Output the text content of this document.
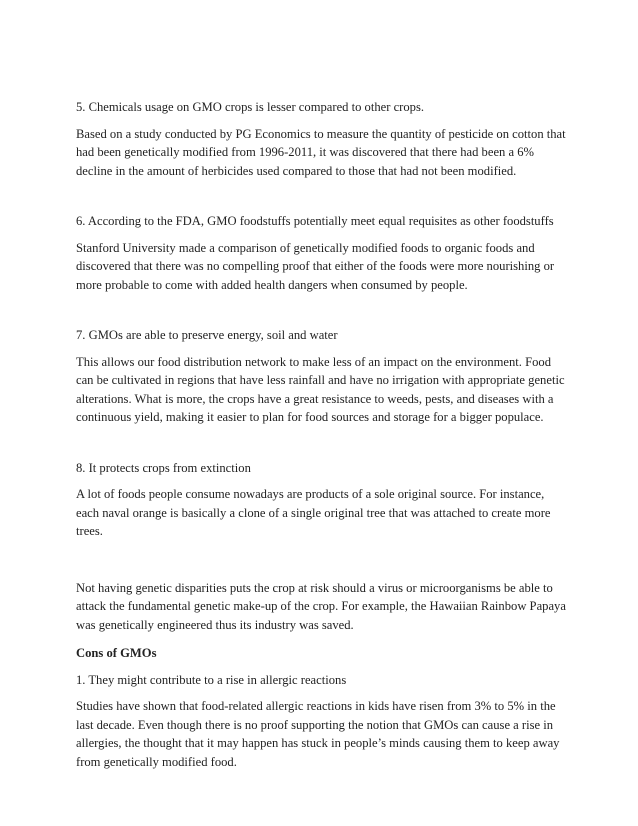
5. Chemicals usage on GMO crops is lesser compared to other crops.

Based on a study conducted by PG Economics to measure the quantity of pesticide on cotton that had been genetically modified from 1996-2011, it was discovered that there had been a 6% decline in the amount of herbicides used compared to those that had not been modified.

6. According to the FDA, GMO foodstuffs potentially meet equal requisites as other foodstuffs

Stanford University made a comparison of genetically modified foods to organic foods and discovered that there was no compelling proof that either of the foods were more nourishing or more probable to come with added health dangers when consumed by people.

7. GMOs are able to preserve energy, soil and water

This allows our food distribution network to make less of an impact on the environment. Food can be cultivated in regions that have less rainfall and have no irrigation with appropriate genetic alterations. What is more, the crops have a great resistance to weeds, pests, and diseases with a continuous yield, making it easier to plan for food sources and storage for a bigger populace.

8. It protects crops from extinction

A lot of foods people consume nowadays are products of a sole original source. For instance, each naval orange is basically a clone of a single original tree that was attached to create more trees.

Not having genetic disparities puts the crop at risk should a virus or microorganisms be able to attack the fundamental genetic make-up of the crop. For example, the Hawaiian Rainbow Papaya was genetically engineered thus its industry was saved.

Cons of GMOs

1. They might contribute to a rise in allergic reactions

Studies have shown that food-related allergic reactions in kids have risen from 3% to 5% in the last decade. Even though there is no proof supporting the notion that GMOs can cause a rise in allergies, the thought that it may happen has stuck in people’s minds causing them to keep away from genetically modified food.
